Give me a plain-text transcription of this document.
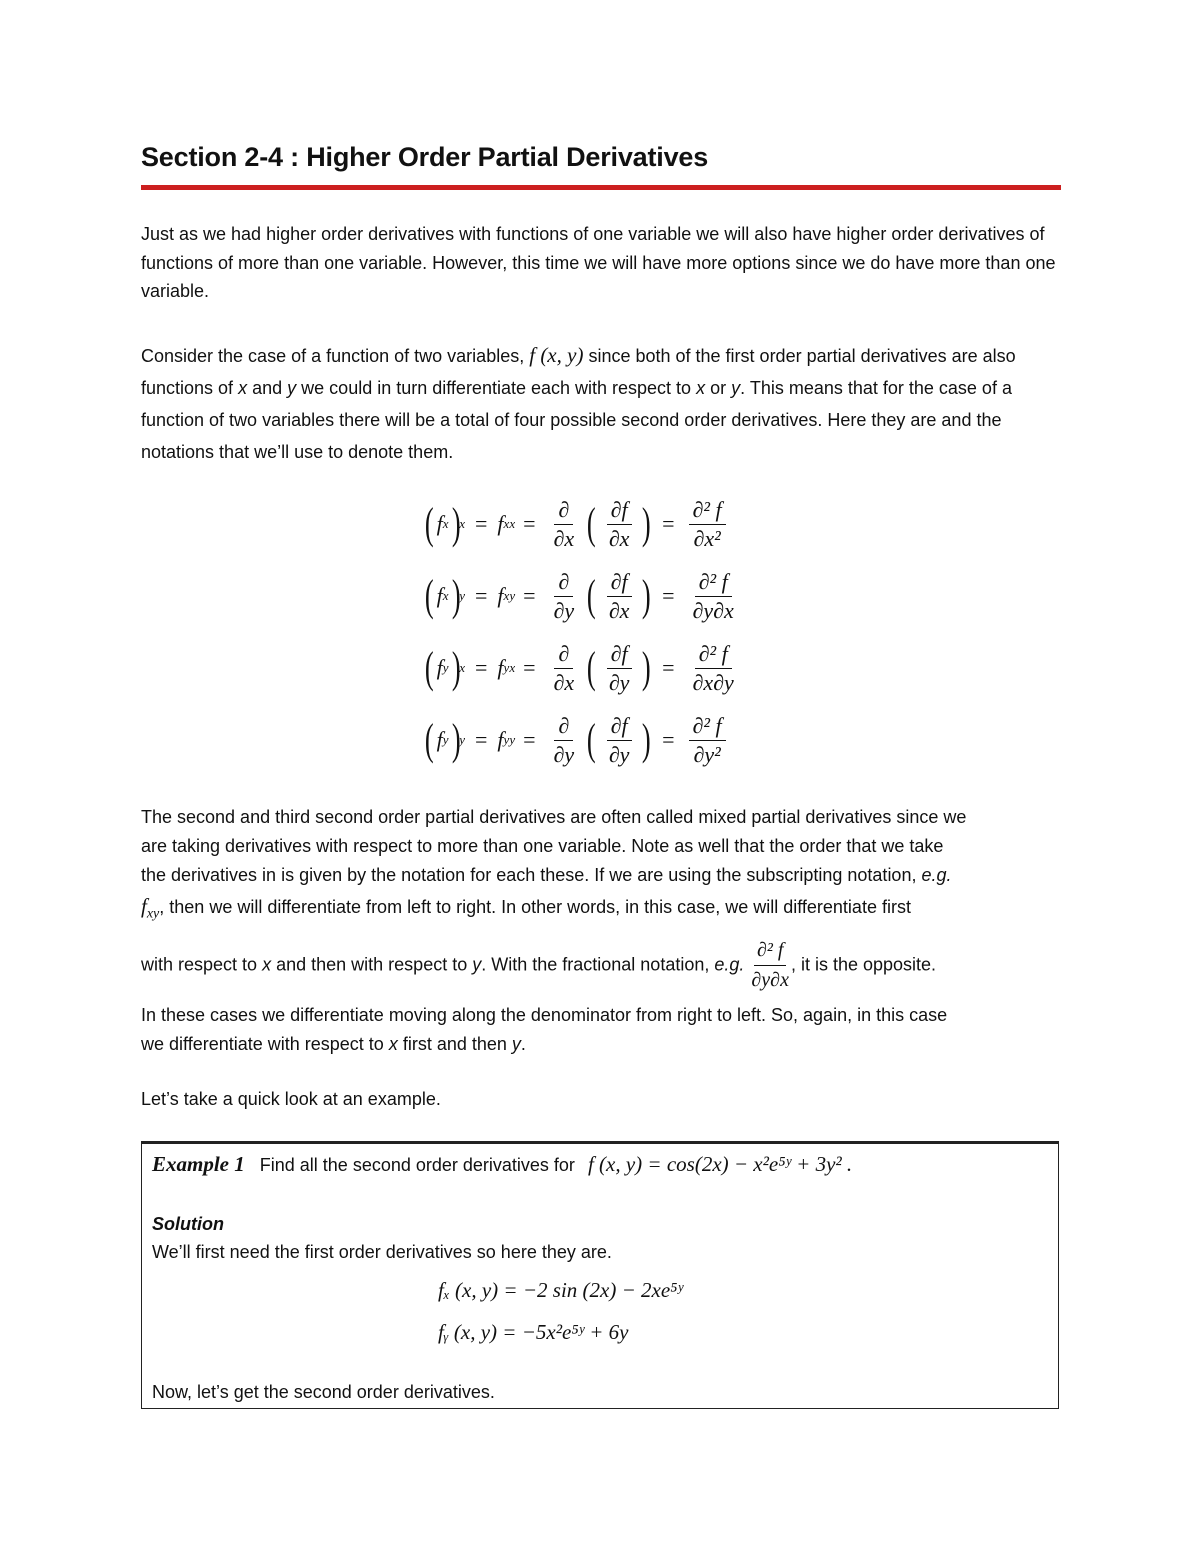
Section 2-4 : Higher Order Partial Derivatives
Just as we had higher order derivatives with functions of one variable we will also have higher order derivatives of functions of more than one variable. However, this time we will have more options since we do have more than one variable.
Consider the case of a function of two variables, f (x, y) since both of the first order partial derivatives are also functions of x and y we could in turn differentiate each with respect to x or y. This means that for the case of a function of two variables there will be a total of four possible second order derivatives. Here they are and the notations that we’ll use to denote them.
( f x )
x = f xx = $\frac{\partial}{\partial x}$ ( $\frac{\partial f}{\partial x}$ ) = $\frac{\text{∂² f}}{\text{∂x²}}$
( f x )
y = f xy = $\frac{\partial}{\partial y}$ ( $\frac{\partial f}{\partial x}$ ) = $\frac{\text{∂² f}}{\partial y\partial x}$
( f y )
x = f yx = $\frac{\partial}{\partial x}$ ( $\frac{\partial f}{\partial y}$ ) = $\frac{\text{∂² f}}{\partial x\partial y}$
( f y )
y = f yy = $\frac{\partial}{\partial y}$ ( $\frac{\partial f}{\partial y}$ ) = $\frac{\text{∂² f}}{\text{∂y²}}$
The second and third second order partial derivatives are often called mixed partial derivatives since we
are taking derivatives with respect to more than one variable. Note as well that the order that we take
the derivatives in is given by the notation for each these. If we are using the subscripting notation, e.g.
$f_{xy}$, then we will differentiate from left to right. In other words, in this case, we will differentiate first
with respect to x and then with respect to y. With the fractional notation, e.g. $\frac{\text{∂² f}}{\partial y\partial x}$ , it is the opposite.
In these cases we differentiate moving along the denominator from right to left. So, again, in this case
we differentiate with respect to x first and then y.
Let’s take a quick look at an example.
Example 1 Find all the second order derivatives for f (x, y) = cos(2x) − x²e⁵ʸ + 3y² .
Solution
We’ll first need the first order derivatives so here they are.
fₓ (x, y) = −2 sin (2x) − 2xe⁵ʸ
fᵧ (x, y) = −5x²e⁵ʸ + 6y
Now, let’s get the second order derivatives.
